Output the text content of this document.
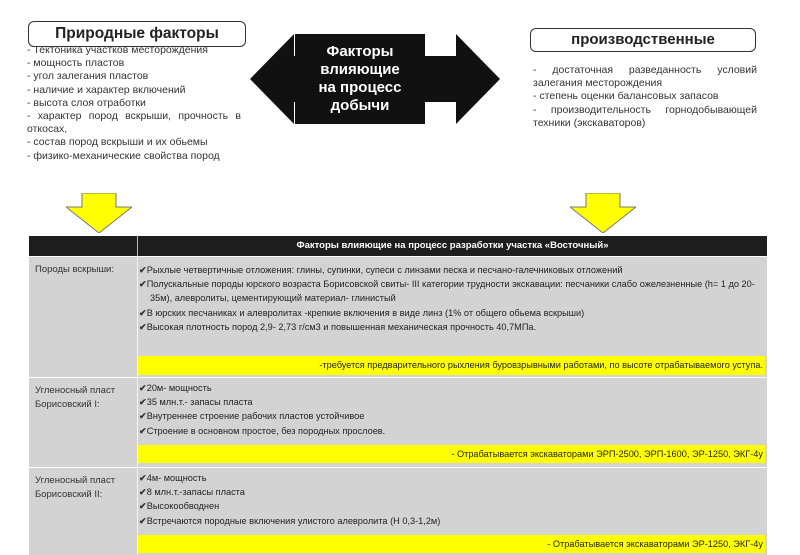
Факторы
влияющие
на процесс
добычи
Природные факторы	производственные
- Тектоника участков месторождения
- мощность пластов
- угол залегания пластов
- наличие и характер включений
- высота слоя отработки
- характер пород вскрыши, прочность в откосах,
- состав пород вскрыши и их обьемы
- физико-механические свойства пород
- достаточная разведанность условий залегания месторождения
- степень оценки балансовых запасов
- производительность горнодобывающей техники (экскаваторов)
Факторы влияющие на процесс разработки участка «Восточный»
Породы вскрыши:	✔Рыхлые четвертичные отложения: глины, супинки, супеси с линзами песка и песчано-галечниковых отложений
✔Полускальные породы юрского возраста Борисовской свиты- III категории трудности экскавации: песчаники слабо ожелезненные (h= 1 до 20-35м), алевролиты, цементирующий материал- глинистый
✔В юрских песчаниках и алевролитах -крепкие включения в виде линз (1% от общего обьема вскрыши)
✔Высокая плотность пород 2,9- 2,73 г/см3 и повышенная механическая прочность 40,7МПа.
-требуется предварительного рыхления буровзрывными работами, по высоте отрабатываемого уступа.
Угленосный пласт Борисовский I:
✔20м- мощность
✔35 млн.т.- запасы пласта
✔Внутреннее строение рабочих пластов устойчивое
✔Строение в основном простое, без породных прослоев.
- Отрабатывается экскаваторами ЭРП-2500, ЭРП-1600, ЭР-1250, ЭКГ-4у
Угленосный пласт Борисовский II:
✔4м- мощность
✔8 млн.т.-запасы пласта
✔Высокообводнен
✔Встречаются породные включения улистого алевролита (Н 0,3-1,2м)
- Отрабатывается экскаваторами ЭР-1250, ЭКГ-4у
